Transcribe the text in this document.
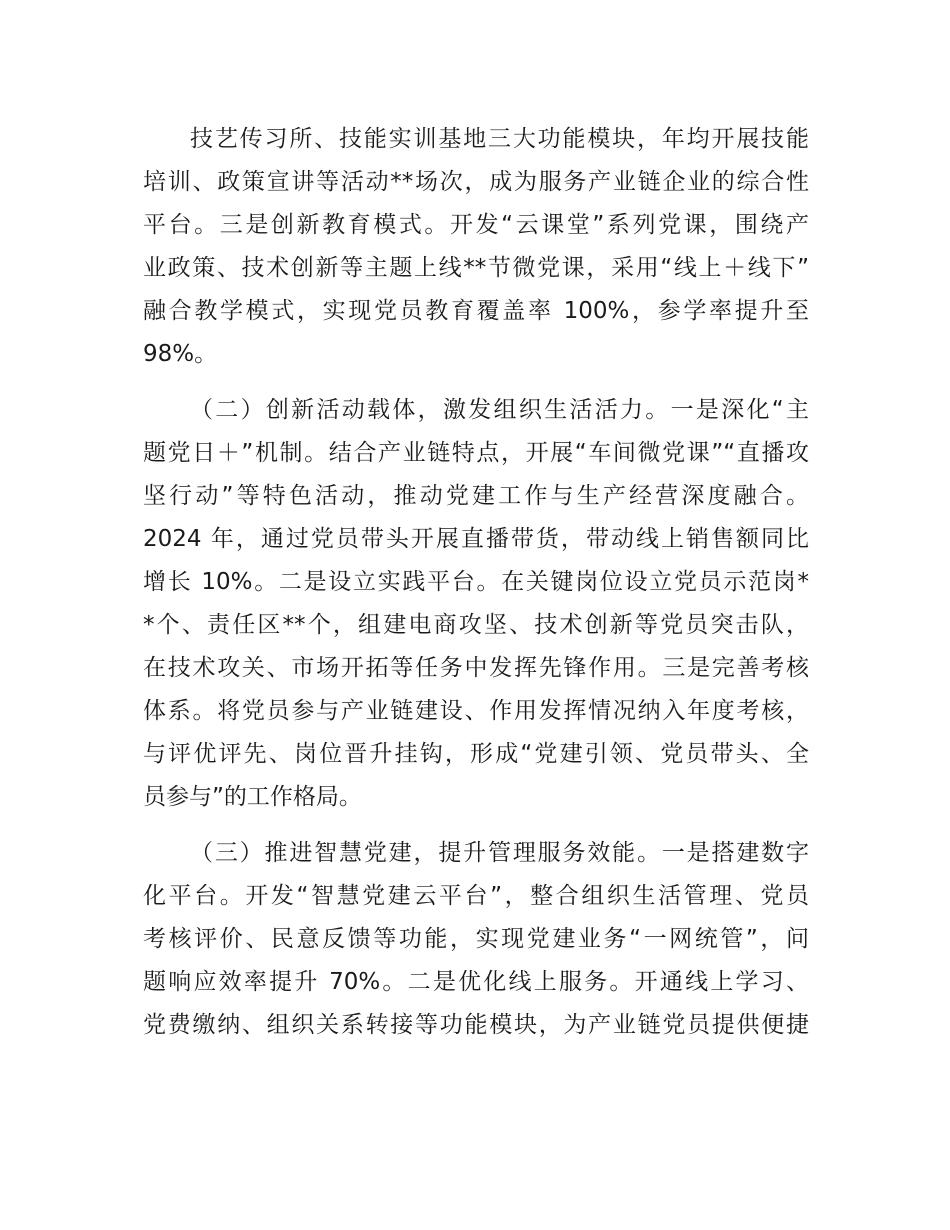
技艺传习所、技能实训基地三大功能模块，年均开展技能
培训、政策宣讲等活动**场次，成为服务产业链企业的综合性
平台。三是创新教育模式。开发“云课堂”系列党课，围绕产
业政策、技术创新等主题上线**节微党课，采用“线上＋线下”
融合教学模式，实现党员教育覆盖率 100%，参学率提升至
98%。
（二）创新活动载体，激发组织生活活力。一是深化“主
题党日＋”机制。结合产业链特点，开展“车间微党课”“直播攻
坚行动”等特色活动，推动党建工作与生产经营深度融合。
2024 年，通过党员带头开展直播带货，带动线上销售额同比
增长 10%。二是设立实践平台。在关键岗位设立党员示范岗*
*个、责任区**个，组建电商攻坚、技术创新等党员突击队，
在技术攻关、市场开拓等任务中发挥先锋作用。三是完善考核
体系。将党员参与产业链建设、作用发挥情况纳入年度考核，
与评优评先、岗位晋升挂钩，形成“党建引领、党员带头、全
员参与”的工作格局。
（三）推进智慧党建，提升管理服务效能。一是搭建数字
化平台。开发“智慧党建云平台”，整合组织生活管理、党员
考核评价、民意反馈等功能，实现党建业务“一网统管”，问
题响应效率提升 70%。二是优化线上服务。开通线上学习、
党费缴纳、组织关系转接等功能模块，为产业链党员提供便捷
